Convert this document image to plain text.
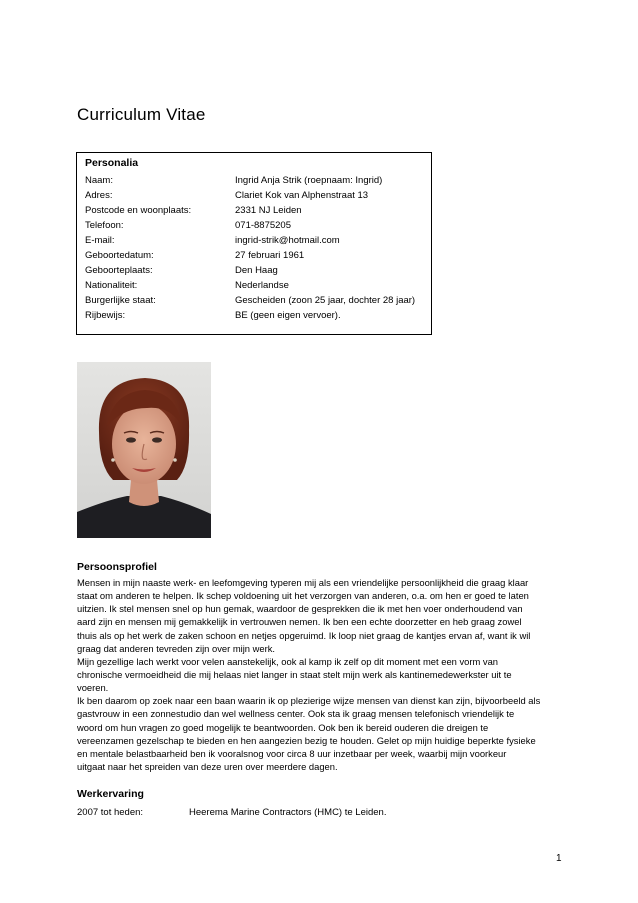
Curriculum Vitae
Personalia
Naam:	Ingrid Anja Strik (roepnaam: Ingrid)
Adres:	Clariet Kok van Alphenstraat 13
Postcode en woonplaats:	2331 NJ Leiden
Telefoon:	071-8875205
E-mail:	ingrid-strik@hotmail.com
Geboortedatum:	27 februari 1961
Geboorteplaats:	Den Haag
Nationaliteit:	Nederlandse
Burgerlijke staat:	Gescheiden (zoon 25 jaar, dochter 28 jaar)
Rijbewijs:	BE (geen eigen vervoer).
Persoonsprofiel
Mensen in mijn naaste werk- en leefomgeving typeren mij als een vriendelijke persoonlijkheid die graag klaar
staat om anderen te helpen. Ik schep voldoening uit het verzorgen van anderen, o.a. om hen er goed te laten
uitzien. Ik stel mensen snel op hun gemak, waardoor de gesprekken die ik met hen voer onderhoudend van
aard zijn en mensen mij gemakkelijk in vertrouwen nemen. Ik ben een echte doorzetter en heb graag zowel
thuis als op het werk de zaken schoon en netjes opgeruimd. Ik loop niet graag de kantjes ervan af, want ik wil
graag dat anderen tevreden zijn over mijn werk.
Mijn gezellige lach werkt voor velen aanstekelijk, ook al kamp ik zelf op dit moment met een vorm van
chronische vermoeidheid die mij helaas niet langer in staat stelt mijn werk als kantinemedewerkster uit te
voeren.
Ik ben daarom op zoek naar een baan waarin ik op plezierige wijze mensen van dienst kan zijn, bijvoorbeeld als
gastvrouw in een zonnestudio dan wel wellness center. Ook sta ik graag mensen telefonisch vriendelijk te
woord om hun vragen zo goed mogelijk te beantwoorden. Ook ben ik bereid ouderen die dreigen te
vereenzamen gezelschap te bieden en hen aangezien bezig te houden. Gelet op mijn huidige beperkte fysieke
en mentale belastbaarheid ben ik vooralsnog voor circa 8 uur inzetbaar per week, waarbij mijn voorkeur
uitgaat naar het spreiden van deze uren over meerdere dagen.
Werkervaring
2007 tot heden:	Heerema Marine Contractors (HMC) te Leiden.
1
